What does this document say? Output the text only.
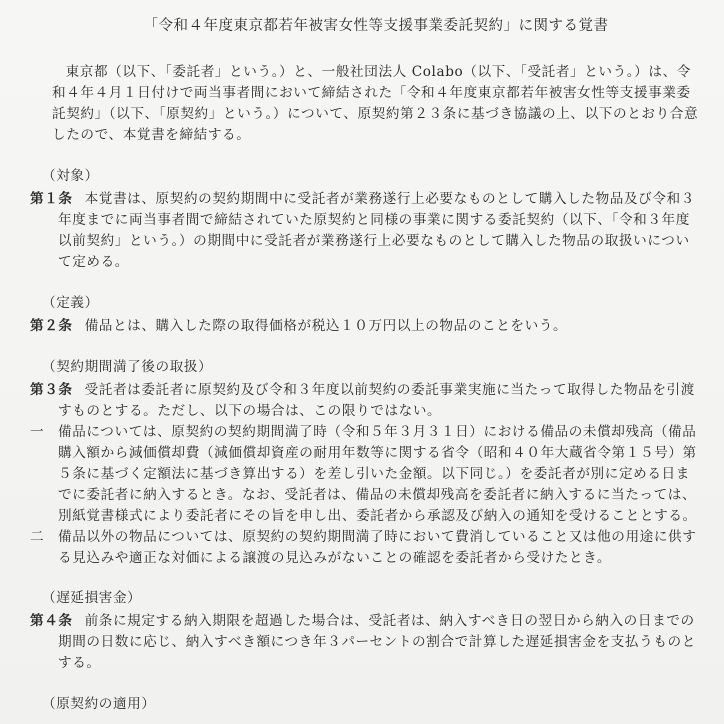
「令和４年度東京都若年被害女性等支援事業委託契約」に関する覚書

東京都（以下、「委託者」という。）と、一般社団法人 Colabo（以下、「受託者」という。）は、令和４年４月１日付けで両当事者間において締結された「令和４年度東京都若年被害女性等支援事業委託契約」（以下、「原契約」という。）について、原契約第２３条に基づき協議の上、以下のとおり合意したので、本覚書を締結する。

（対象）

第１条 本覚書は、原契約の契約期間中に受託者が業務遂行上必要なものとして購入した物品及び令和３年度までに両当事者間で締結されていた原契約と同様の事業に関する委託契約（以下、「令和３年度以前契約」という。）の期間中に受託者が業務遂行上必要なものとして購入した物品の取扱いについて定める。

（定義）

第２条 備品とは、購入した際の取得価格が税込１０万円以上の物品のことをいう。

（契約期間満了後の取扱）

第３条 受託者は委託者に原契約及び令和３年度以前契約の委託事業実施に当たって取得した物品を引渡すものとする。ただし、以下の場合は、この限りではない。

一 備品については、原契約の契約期間満了時（令和５年３月３１日）における備品の未償却残高（備品購入額から減価償却費（減価償却資産の耐用年数等に関する省令（昭和４０年大蔵省令第１５号）第５条に基づく定額法に基づき算出する）を差し引いた金額。以下同じ。）を委託者が別に定める日までに委託者に納入するとき。なお、受託者は、備品の未償却残高を委託者に納入するに当たっては、別紙覚書様式により委託者にその旨を申し出、委託者から承認及び納入の通知を受けることとする。

二 備品以外の物品については、原契約の契約期間満了時において費消していること又は他の用途に供する見込みや適正な対価による譲渡の見込みがないことの確認を委託者から受けたとき。

（遅延損害金）

第４条 前条に規定する納入期限を超過した場合は、受託者は、納入すべき日の翌日から納入の日までの期間の日数に応じ、納入すべき額につき年３パーセントの割合で計算した遅延損害金を支払うものとする。

（原契約の適用）
